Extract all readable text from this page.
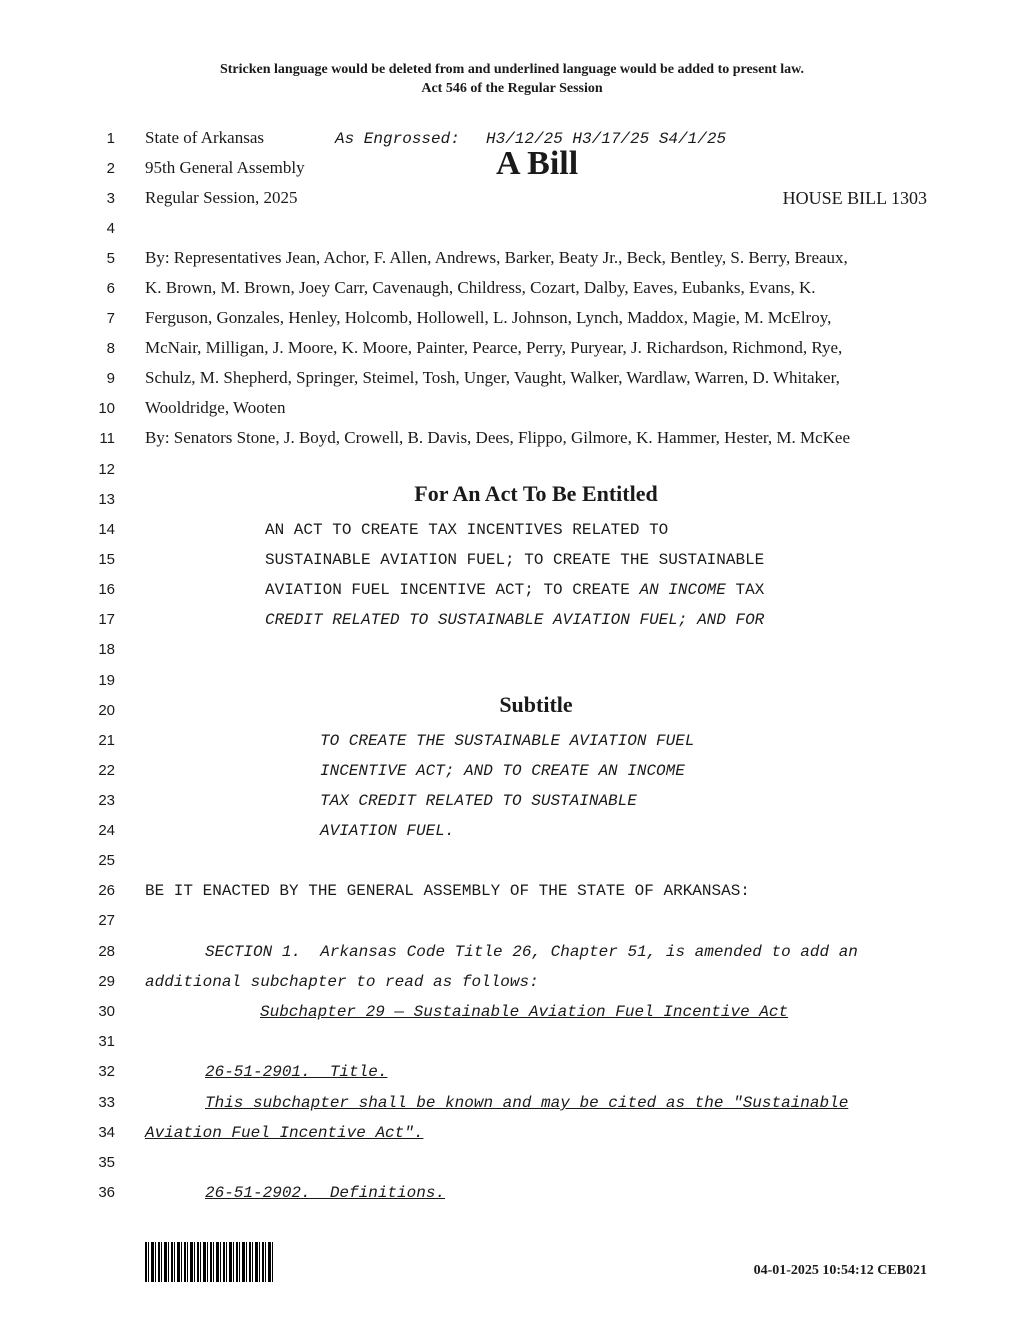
Stricken language would be deleted from and underlined language would be added to present law.
Act 546 of the Regular Session
1 State of Arkansas	As Engrossed: H3/12/25 H3/17/25 S4/1/25
2 95th General Assembly	A Bill
3 Regular Session, 2025	HOUSE BILL 1303
4
5 By: Representatives Jean, Achor, F. Allen, Andrews, Barker, Beaty Jr., Beck, Bentley, S. Berry, Breaux,
6 K. Brown, M. Brown, Joey Carr, Cavenaugh, Childress, Cozart, Dalby, Eaves, Eubanks, Evans, K.
7 Ferguson, Gonzales, Henley, Holcomb, Hollowell, L. Johnson, Lynch, Maddox, Magie, M. McElroy,
8 McNair, Milligan, J. Moore, K. Moore, Painter, Pearce, Perry, Puryear, J. Richardson, Richmond, Rye,
9 Schulz, M. Shepherd, Springer, Steimel, Tosh, Unger, Vaught, Walker, Wardlaw, Warren, D. Whitaker,
10 Wooldridge, Wooten
11 By: Senators Stone, J. Boyd, Crowell, B. Davis, Dees, Flippo, Gilmore, K. Hammer, Hester, M. McKee
12
13	For An Act To Be Entitled
14	AN ACT TO CREATE TAX INCENTIVES RELATED TO
15	SUSTAINABLE AVIATION FUEL; TO CREATE THE SUSTAINABLE
16	AVIATION FUEL INCENTIVE ACT; TO CREATE AN INCOME TAX
17	CREDIT RELATED TO SUSTAINABLE AVIATION FUEL; AND FOR
18
19
20	Subtitle
21	TO CREATE THE SUSTAINABLE AVIATION FUEL
22	INCENTIVE ACT; AND TO CREATE AN INCOME
23	TAX CREDIT RELATED TO SUSTAINABLE
24	AVIATION FUEL.
25
26 BE IT ENACTED BY THE GENERAL ASSEMBLY OF THE STATE OF ARKANSAS:
27
28	SECTION 1.  Arkansas Code Title 26, Chapter 51, is amended to add an
29 additional subchapter to read as follows:
30	Subchapter 29 — Sustainable Aviation Fuel Incentive Act
31
32	26-51-2901.  Title.
33	This subchapter shall be known and may be cited as the "Sustainable
34 Aviation Fuel Incentive Act".
35
36	26-51-2902.  Definitions.
04-01-2025 10:54:12 CEB021
